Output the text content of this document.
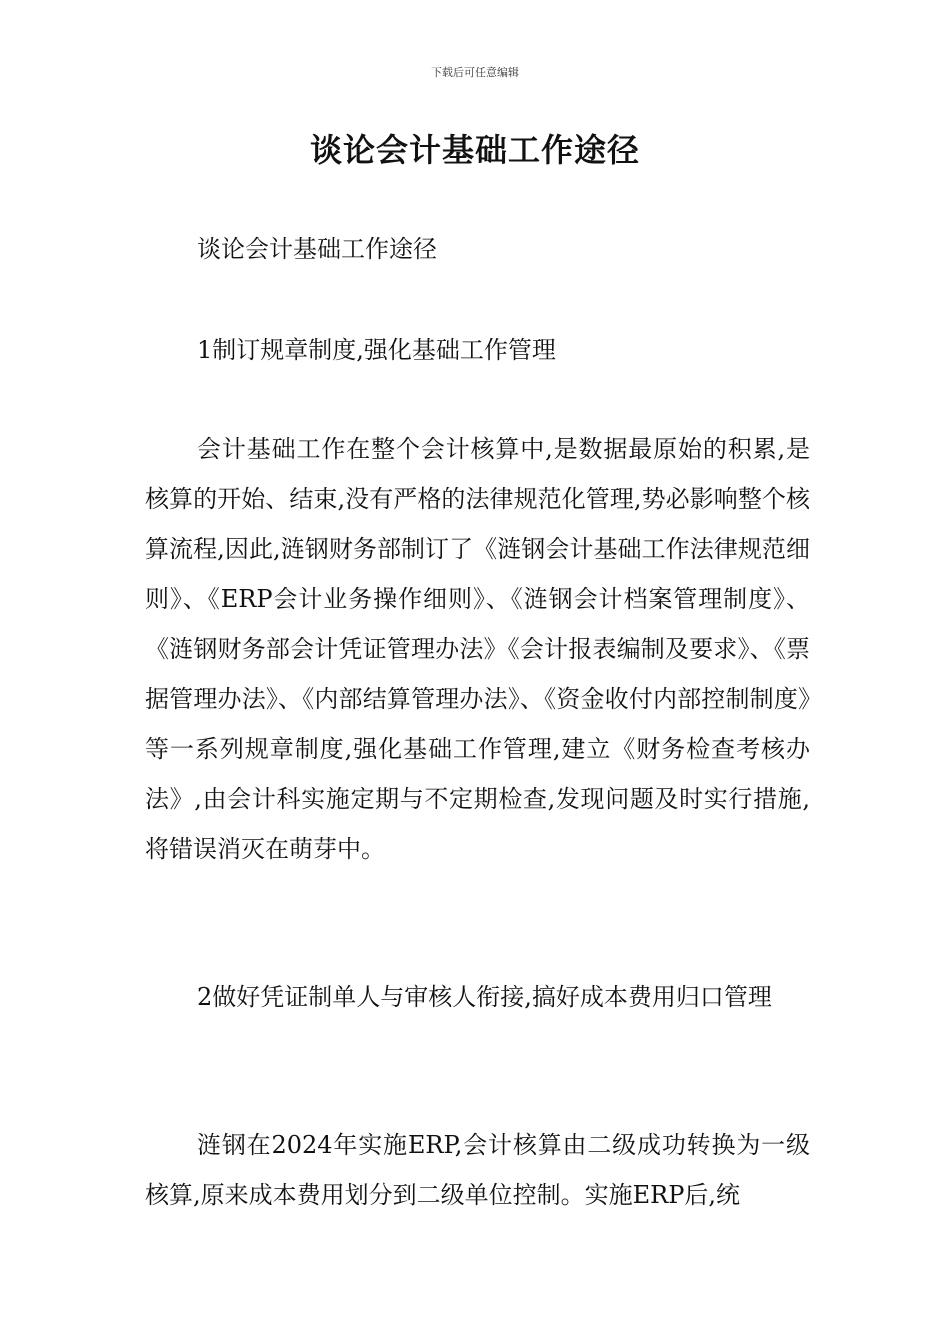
下载后可任意编辑
谈论会计基础工作途径

谈论会计基础工作途径

1制订规章制度,强化基础工作管理

会计基础工作在整个会计核算中,是数据最原始的积累,是核算的开始、结束,没有严格的法律规范化管理,势必影响整个核算流程,因此,涟钢财务部制订了《涟钢会计基础工作法律规范细则》、《ERP会计业务操作细则》、《涟钢会计档案管理制度》、《涟钢财务部会计凭证管理办法》《会计报表编制及要求》、《票据管理办法》、《内部结算管理办法》、《资金收付内部控制制度》等一系列规章制度,强化基础工作管理,建立《财务检查考核办法》,由会计科实施定期与不定期检查,发现问题及时实行措施,将错误消灭在萌芽中。

2做好凭证制单人与审核人衔接,搞好成本费用归口管理

涟钢在2024年实施ERP,会计核算由二级成功转换为一级核算,原来成本费用划分到二级单位控制。实施ERP后,统
